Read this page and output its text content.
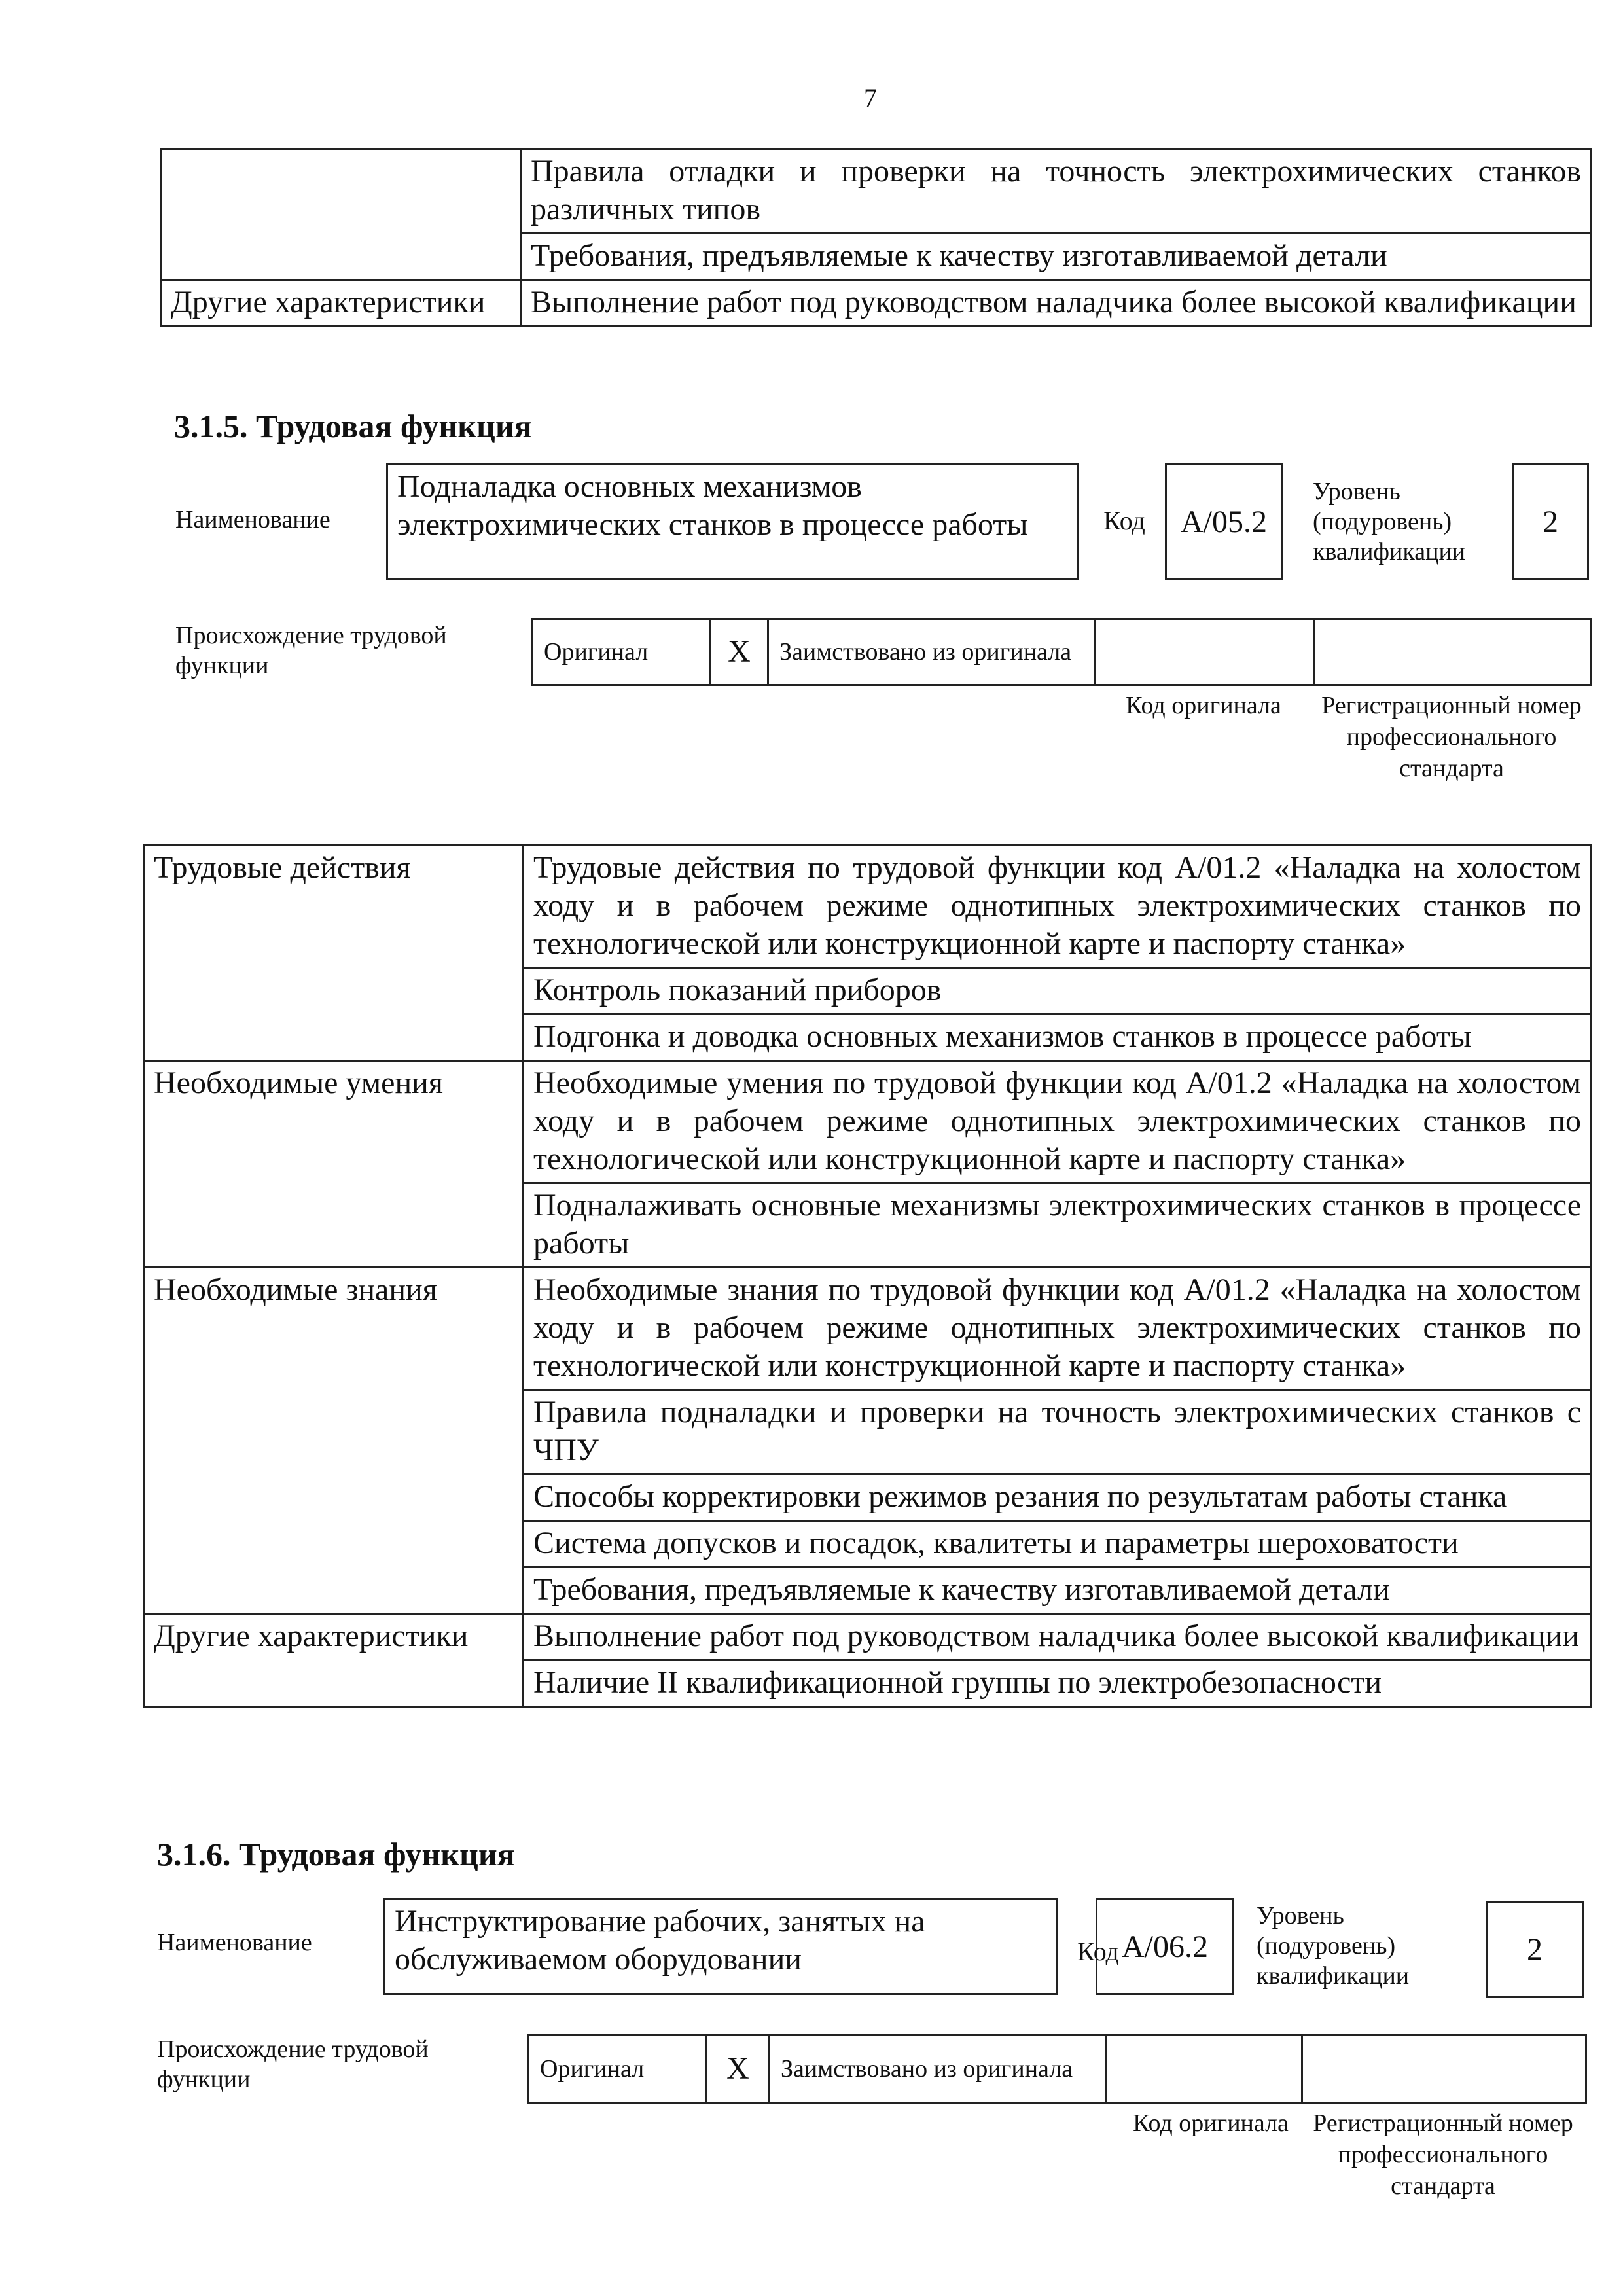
7
	Правила отладки и проверки на точность электрохимических станков различных типов
	Требования, предъявляемые к качеству изготавливаемой детали
Другие характеристики	Выполнение работ под руководством наладчика более высокой квалификации
3.1.5. Трудовая функция
Наименование
Подналадка основных механизмов электрохимических станков в процессе работы	Код A/05.2
Уровень
(подуровень)
квалификации
2
Происхождение трудовой функции	Оригинал	X	Заимствовано из оригинала		
Код оригинала	Регистрационный номер профессионального стандарта
Трудовые действия	Трудовые действия по трудовой функции код A/01.2 «Наладка на холостом ходу и в рабочем режиме однотипных электрохимических станков по технологической или конструкционной карте и паспорту станка»
	Контроль показаний приборов
	Подгонка и доводка основных механизмов станков в процессе работы
Необходимые умения	Необходимые умения по трудовой функции код A/01.2 «Наладка на холостом ходу и в рабочем режиме однотипных электрохимических станков по технологической или конструкционной карте и паспорту станка»
	Подналаживать основные механизмы электрохимических станков в процессе работы
Необходимые знания	Необходимые знания по трудовой функции код A/01.2 «Наладка на холостом ходу и в рабочем режиме однотипных электрохимических станков по технологической или конструкционной карте и паспорту станка»
	Правила подналадки и проверки на точность электрохимических станков с ЧПУ
	Способы корректировки режимов резания по результатам работы станка
	Система допусков и посадок, квалитеты и параметры шероховатости
	Требования, предъявляемые к качеству изготавливаемой детали
Другие характеристики	Выполнение работ под руководством наладчика более высокой квалификации
	Наличие II квалификационной группы по электробезопасности
3.1.6. Трудовая функция
Наименование
Инструктирование рабочих, занятых на обслуживаемом оборудовании	Код A/06.2
Уровень
(подуровень)
квалификации
2
Происхождение трудовой функции	Оригинал	X	Заимствовано из оригинала		
Код оригинала Регистрационный номер профессионального стандарта
